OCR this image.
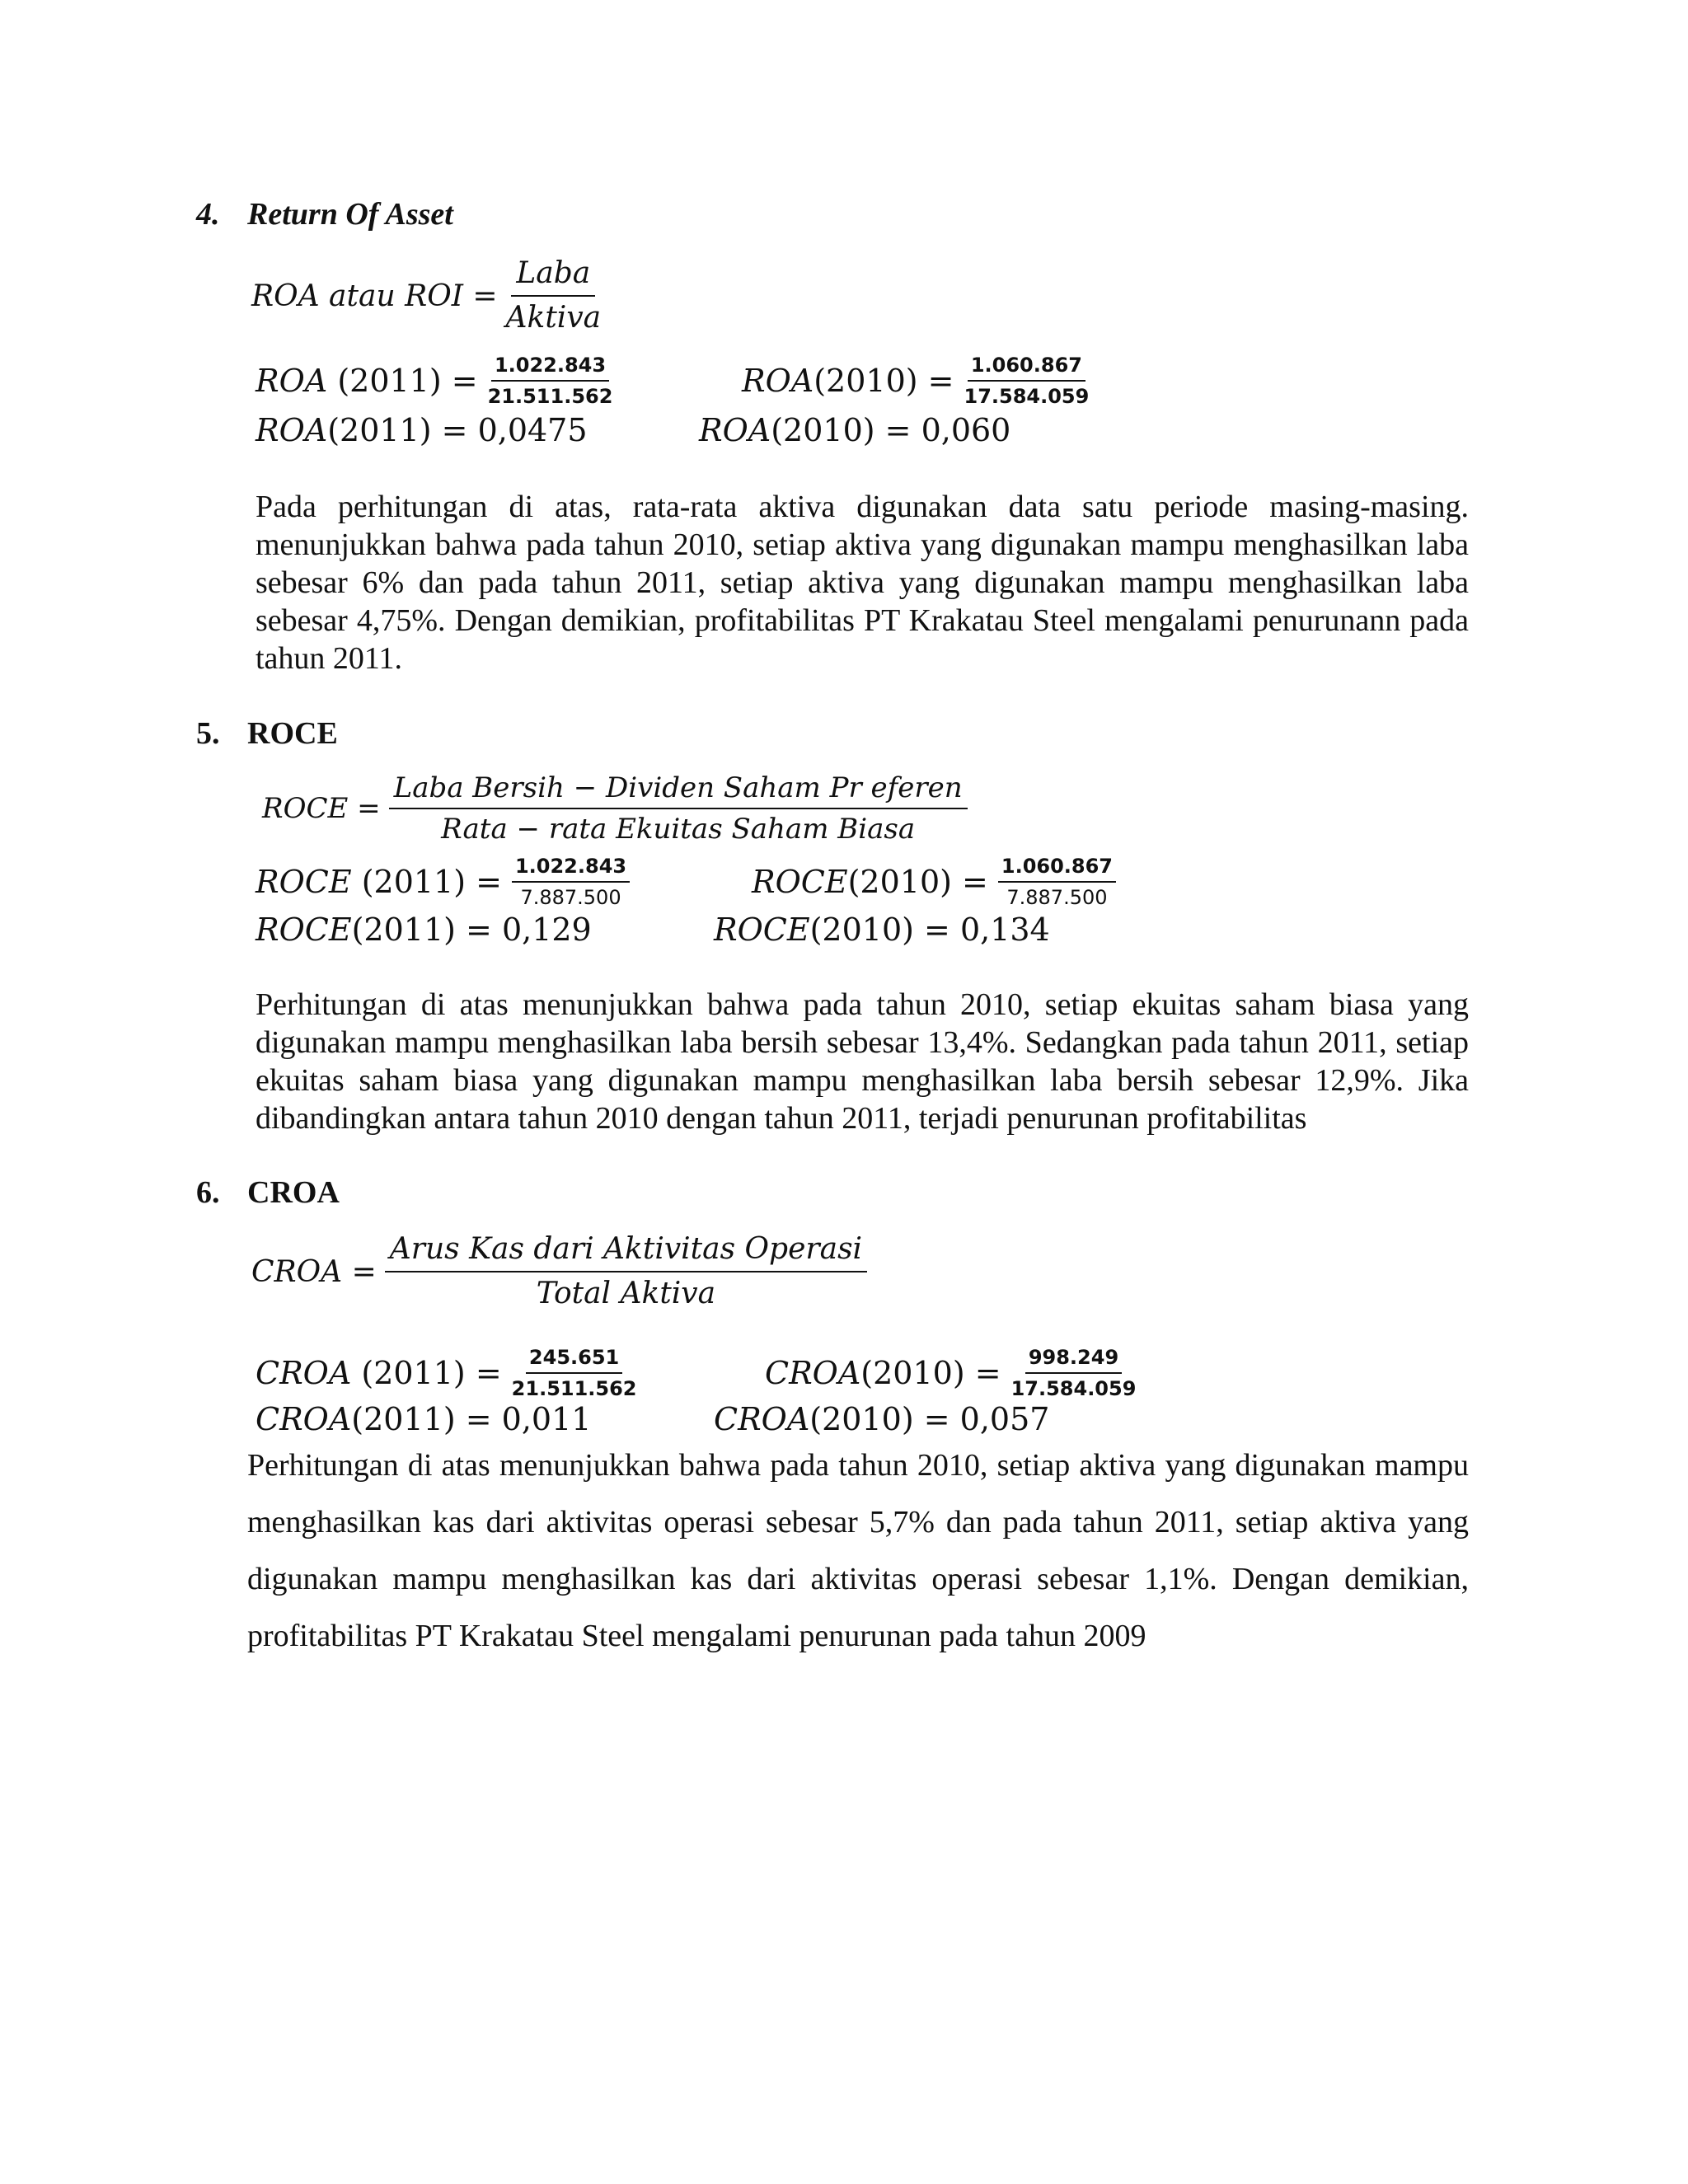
4. Return Of Asset
ROA atau ROI = $\frac{\text{Laba}}{\text{Aktiva}}$
ROA
$(2011) = \frac{1.022.843}{21.511.562}$	ROA $(2010) = \frac{1.060.867}{17.584.059}$
ROA(2011) = 0,0475	ROA(2010) = 0,060
Pada perhitungan di atas, rata-rata aktiva digunakan data satu periode masing-masing. menunjukkan bahwa pada tahun 2010, setiap aktiva yang digunakan mampu menghasilkan laba sebesar 6% dan pada tahun 2011, setiap aktiva yang digunakan mampu menghasilkan laba sebesar 4,75%. Dengan demikian, profitabilitas PT Krakatau Steel mengalami penurunann pada tahun 2011.
5. ROCE
ROCE = $\frac{\text{Laba Bersih − Dividen Saham Pr eferen}}{\text{Rata − rata Ekuitas Saham Biasa}}$
ROCE
$(2011) = \frac{1.022.843}{7.887.500}$	ROCE $(2010) = \frac{1.060.867}{7.887.500}$
ROCE(2011) = 0,129	ROCE(2010) = 0,134
Perhitungan di atas menunjukkan bahwa pada tahun 2010, setiap ekuitas saham biasa yang digunakan mampu menghasilkan laba bersih sebesar 13,4%. Sedangkan pada tahun 2011, setiap ekuitas saham biasa yang digunakan mampu menghasilkan laba bersih sebesar 12,9%. Jika dibandingkan antara tahun 2010 dengan tahun 2011, terjadi penurunan profitabilitas
6. CROA
CROA = $\frac{\text{Arus Kas dari Aktivitas Operasi}}{\text{Total Aktiva}}$
CROA
$(2011) = \frac{245.651}{21.511.562}$	CROA $(2010) = \frac{998.249}{17.584.059}$
CROA(2011) = 0,011	CROA(2010) = 0,057
Perhitungan di atas menunjukkan bahwa pada tahun 2010, setiap aktiva yang digunakan mampu menghasilkan kas dari aktivitas operasi sebesar 5,7% dan pada tahun 2011, setiap aktiva yang digunakan mampu menghasilkan kas dari aktivitas operasi sebesar 1,1%. Dengan demikian, profitabilitas PT Krakatau Steel mengalami penurunan pada tahun 2009
